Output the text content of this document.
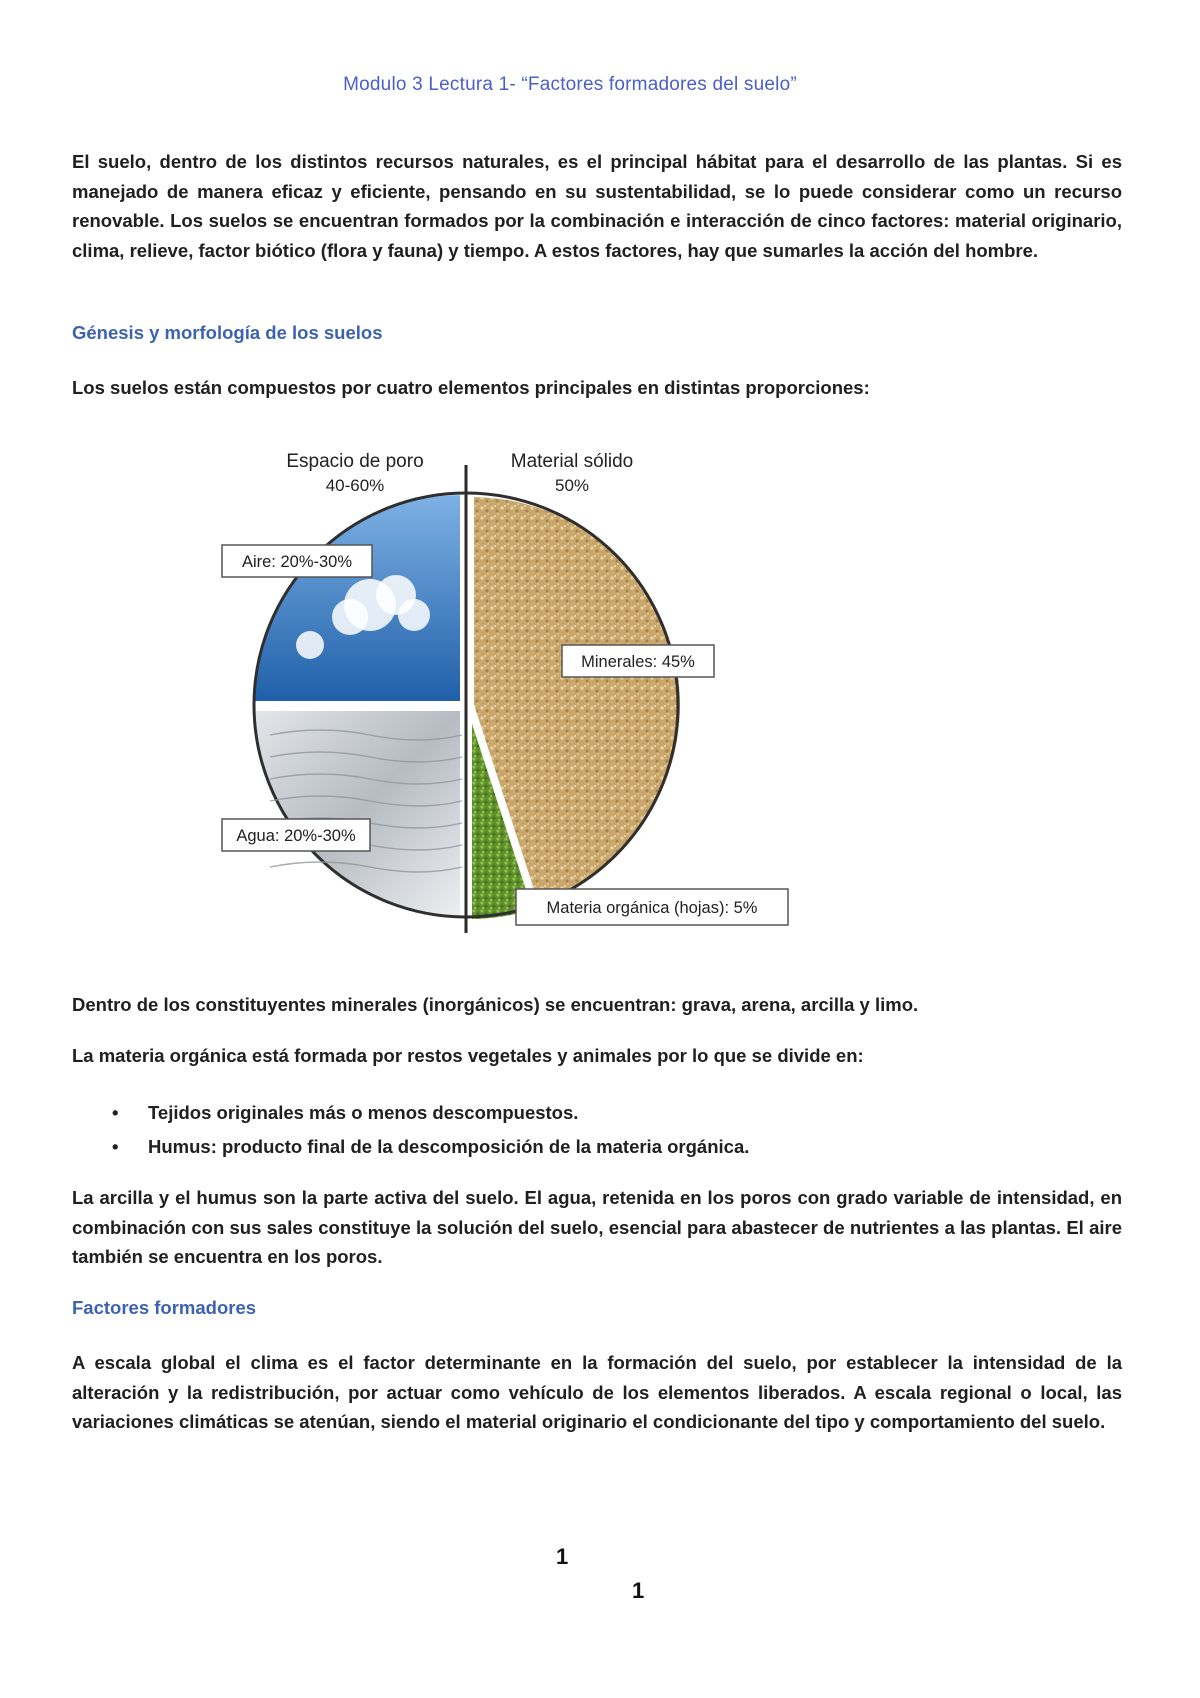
Modulo 3 Lectura 1- “Factores formadores del suelo”

El suelo, dentro de los distintos recursos naturales, es el principal hábitat para el desarrollo de las plantas. Si es manejado de manera eficaz y eficiente, pensando en su sustentabilidad, se lo puede considerar como un recurso renovable. Los suelos se encuentran formados por la combinación e interacción de cinco factores: material originario, clima, relieve, factor biótico (flora y fauna) y tiempo. A estos factores, hay que sumarles la acción del hombre.

Génesis y morfología de los suelos

Los suelos están compuestos por cuatro elementos principales en distintas proporciones:

Espacio de poro
40-60%
Material sólido
50%
Aire: 20%-30%
Agua: 20%-30%
Materia orgánica (hojas): 5%
Minerales: 45%

Dentro de los constituyentes minerales (inorgánicos) se encuentran: grava, arena, arcilla y limo.

La materia orgánica está formada por restos vegetales y animales por lo que se divide en:

• Tejidos originales más o menos descompuestos.
• Humus: producto final de la descomposición de la materia orgánica.

La arcilla y el humus son la parte activa del suelo. El agua, retenida en los poros con grado variable de intensidad, en combinación con sus sales constituye la solución del suelo, esencial para abastecer de nutrientes a las plantas. El aire también se encuentra en los poros.

Factores formadores

A escala global el clima es el factor determinante en la formación del suelo, por establecer la intensidad de la alteración y la redistribución, por actuar como vehículo de los elementos liberados. A escala regional o local, las variaciones climáticas se atenúan, siendo el material originario el condicionante del tipo y comportamiento del suelo.

1
1
